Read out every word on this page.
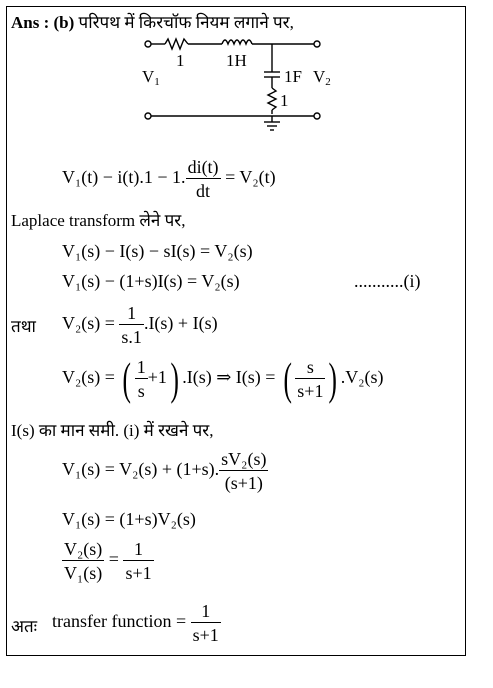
Ans : (b) परिपथ में किरचॉफ नियम लगाने पर,
1 1H
$V_1$	1F $V_2$
1
V₁(t) − i(t).1 − 1. $\frac{di(t)}{dt} = V_2(t)$
Laplace transform लेने पर,
V₁(s) − I(s) − sI(s) = V₂(s)
V₁(s) − (1+s)I(s) = V₂(s)	...........(i)
तथा $V_2(s) = \frac{1}{s.1} .I(s) + I(s)$
V₂(s) = ( $\frac{1}{s} +1$) .I(s) ⇒ I(s) = ( $\frac{s}{s+1}$ ) .V₂(s)
I(s) का मान समी. (i) में रखने पर,
V₁(s) = V₂(s) + (1+s). $\frac{\text{sV₂(s)}}{(s+1)}$
V₁(s) = (1+s)V₂(s)
$\frac{\text{V₂(s)}}{\text{V₁(s)}} = \frac{1}{s+1}$
अतः transfer function = $\frac{1}{s+1}$
